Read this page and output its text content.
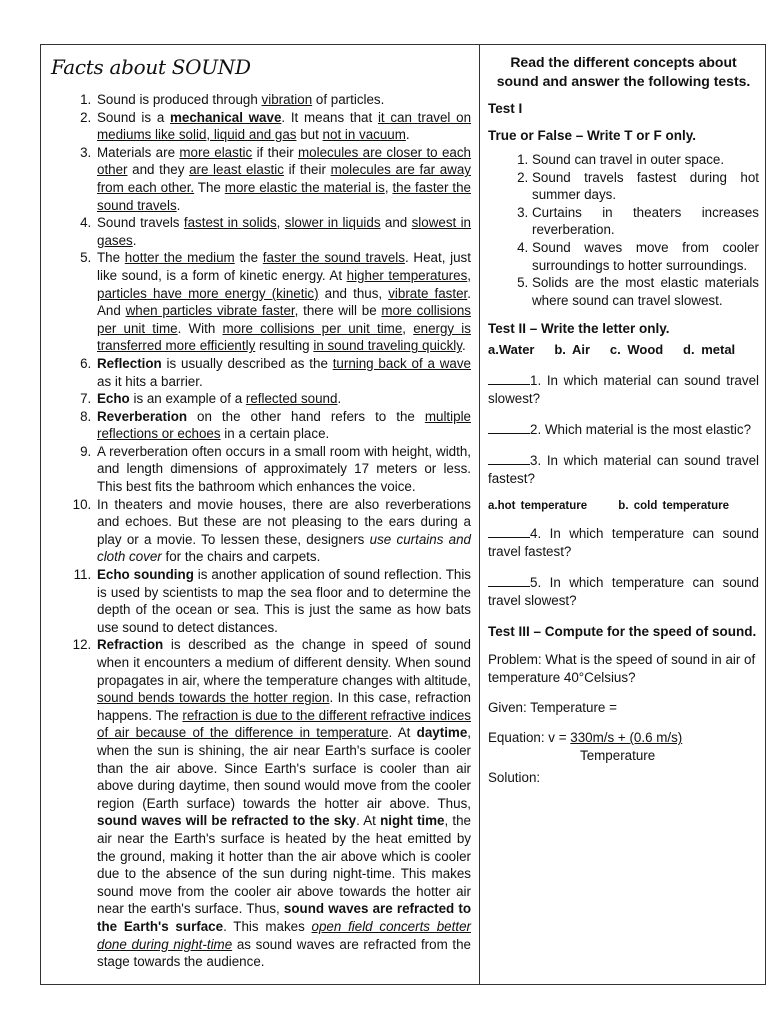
Facts about SOUND
1. Sound is produced through vibration of particles.
2. Sound is a mechanical wave. It means that it can travel on mediums like solid, liquid and gas but not in vacuum.
3. Materials are more elastic if their molecules are closer to each other and they are least elastic if their molecules are far away from each other. The more elastic the material is, the faster the sound travels.
4. Sound travels fastest in solids, slower in liquids and slowest in gases.
5. The hotter the medium the faster the sound travels. Heat, just like sound, is a form of kinetic energy. At higher temperatures, particles have more energy (kinetic) and thus, vibrate faster. And when particles vibrate faster, there will be more collisions per unit time. With more collisions per unit time, energy is transferred more efficiently resulting in sound traveling quickly.
6. Reflection is usually described as the turning back of a wave as it hits a barrier.
7. Echo is an example of a reflected sound.
8. Reverberation on the other hand refers to the multiple reflections or echoes in a certain place.
9. A reverberation often occurs in a small room with height, width, and length dimensions of approximately 17 meters or less. This best fits the bathroom which enhances the voice.
10. In theaters and movie houses, there are also reverberations and echoes. But these are not pleasing to the ears during a play or a movie. To lessen these, designers use curtains and cloth cover for the chairs and carpets.
11. Echo sounding is another application of sound reflection. This is used by scientists to map the sea floor and to determine the depth of the ocean or sea. This is just the same as how bats use sound to detect distances.
12. Refraction is described as the change in speed of sound when it encounters a medium of different density. When sound propagates in air, where the temperature changes with altitude, sound bends towards the hotter region. In this case, refraction happens. The refraction is due to the different refractive indices of air because of the difference in temperature. At daytime, when the sun is shining, the air near Earth's surface is cooler than the air above. Since Earth's surface is cooler than air above during daytime, then sound would move from the cooler region (Earth surface) towards the hotter air above. Thus, sound waves will be refracted to the sky. At night time, the air near the Earth's surface is heated by the heat emitted by the ground, making it hotter than the air above which is cooler due to the absence of the sun during night-time. This makes sound move from the cooler air above towards the hotter air near the earth's surface. Thus, sound waves are refracted to the Earth's surface. This makes open field concerts better done during night-time as sound waves are refracted from the stage towards the audience.
Read the different concepts about sound and answer the following tests.
Test I
True or False – Write T or F only.
1. Sound can travel in outer space.
2. Sound travels fastest during hot summer days.
3. Curtains in theaters increases reverberation.
4. Sound waves move from cooler surroundings to hotter surroundings.
5. Solids are the most elastic materials where sound can travel slowest.
Test II – Write the letter only.
a.Water   b. Air   c. Wood   d. metal
1. In which material can sound travel slowest?
2. Which material is the most elastic?
3. In which material can sound travel fastest?
a.hot temperature      b. cold temperature
4. In which temperature can sound travel fastest?
5. In which temperature can sound travel slowest?
Test III – Compute for the speed of sound.
Problem: What is the speed of sound in air of temperature 40°Celsius?
Given: Temperature =
Equation: v = 330m/s + (0.6 m/s)
Temperature
Solution:
